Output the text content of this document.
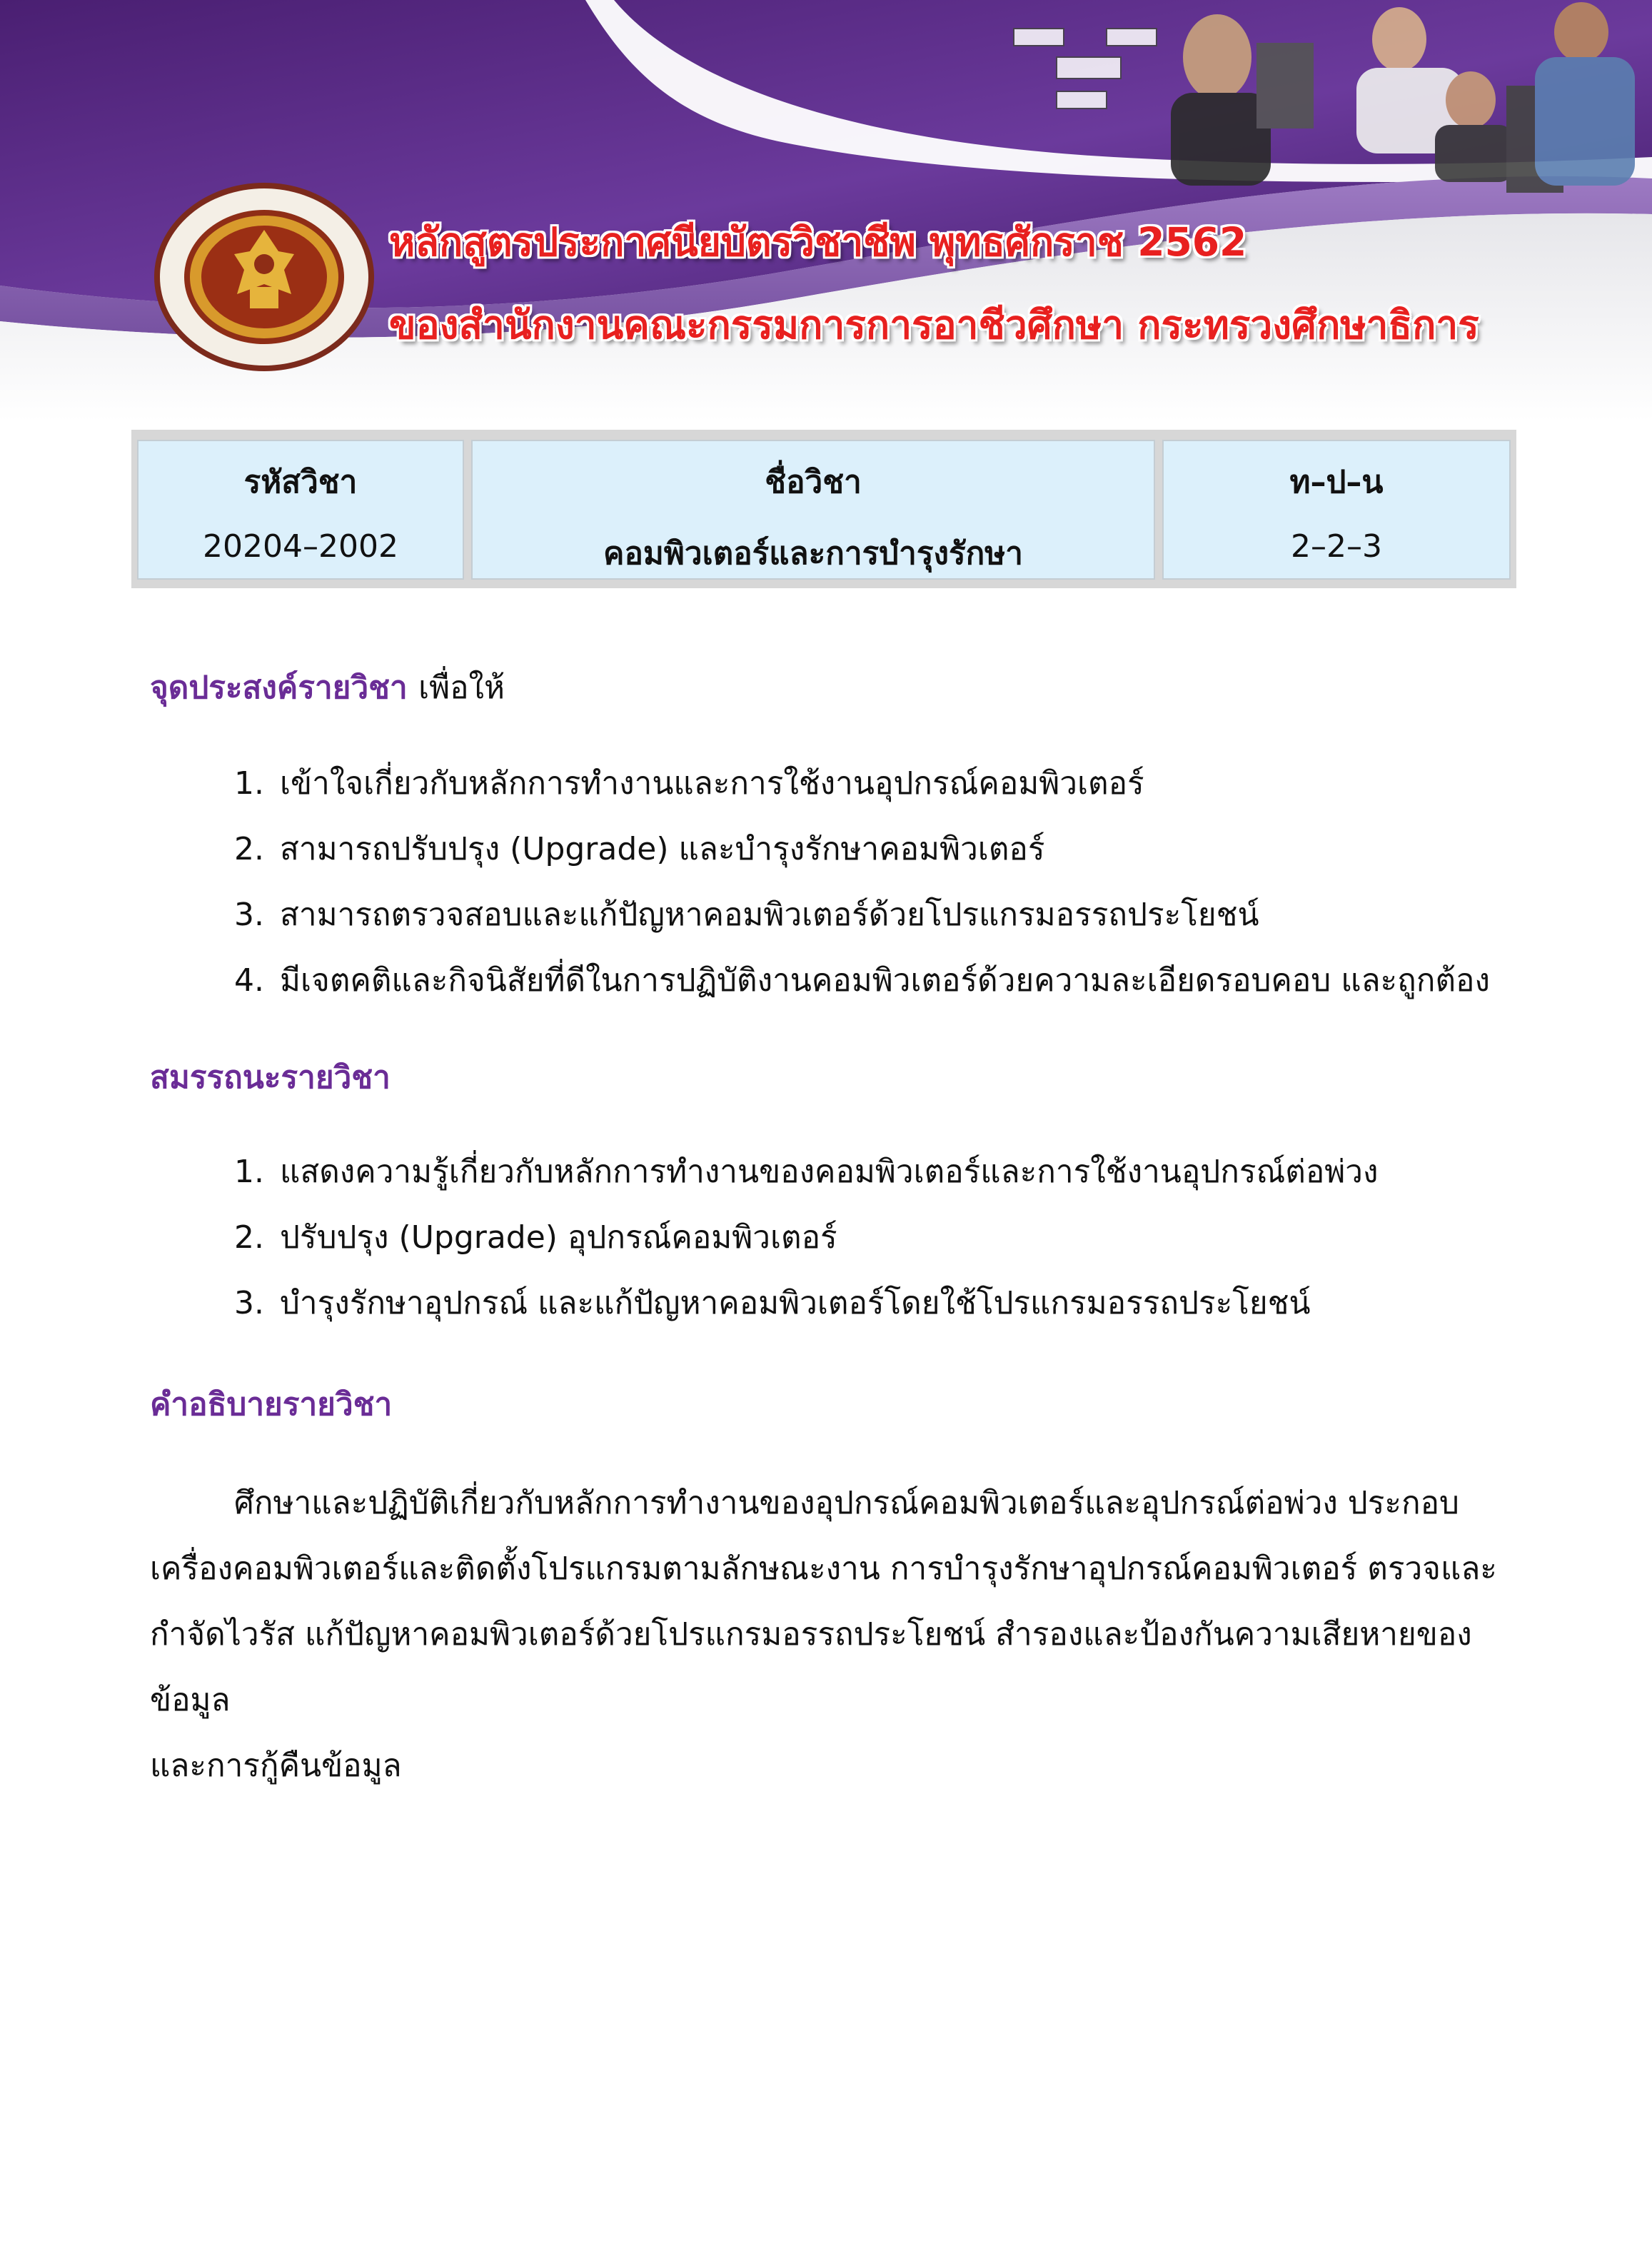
หลักสูตรประกาศนียบัตรวิชาชีพ พุทธศักราช 2562
ของสำนักงานคณะกรรมการการอาชีวศึกษา กระทรวงศึกษาธิการ
รหัสวิชา
20204–2002
ชื่อวิชา
คอมพิวเตอร์และการบำรุงรักษา
ท–ป–น
2–2–3
จุดประสงค์รายวิชา เพื่อให้
1. เข้าใจเกี่ยวกับหลักการทำงานและการใช้งานอุปกรณ์คอมพิวเตอร์
2. สามารถปรับปรุง (Upgrade) และบำรุงรักษาคอมพิวเตอร์
3. สามารถตรวจสอบและแก้ปัญหาคอมพิวเตอร์ด้วยโปรแกรมอรรถประโยชน์
4. มีเจตคติและกิจนิสัยที่ดีในการปฏิบัติงานคอมพิวเตอร์ด้วยความละเอียดรอบคอบ และถูกต้อง
สมรรถนะรายวิชา
1. แสดงความรู้เกี่ยวกับหลักการทำงานของคอมพิวเตอร์และการใช้งานอุปกรณ์ต่อพ่วง
2. ปรับปรุง (Upgrade) อุปกรณ์คอมพิวเตอร์
3. บำรุงรักษาอุปกรณ์ และแก้ปัญหาคอมพิวเตอร์โดยใช้โปรแกรมอรรถประโยชน์
คำอธิบายรายวิชา
ศึกษาและปฏิบัติเกี่ยวกับหลักการทำงานของอุปกรณ์คอมพิวเตอร์และอุปกรณ์ต่อพ่วง ประกอบ
เครื่องคอมพิวเตอร์และติดตั้งโปรแกรมตามลักษณะงาน การบำรุงรักษาอุปกรณ์คอมพิวเตอร์ ตรวจและ
กำจัดไวรัส แก้ปัญหาคอมพิวเตอร์ด้วยโปรแกรมอรรถประโยชน์ สำรองและป้องกันความเสียหายของข้อมูล
และการกู้คืนข้อมูล
